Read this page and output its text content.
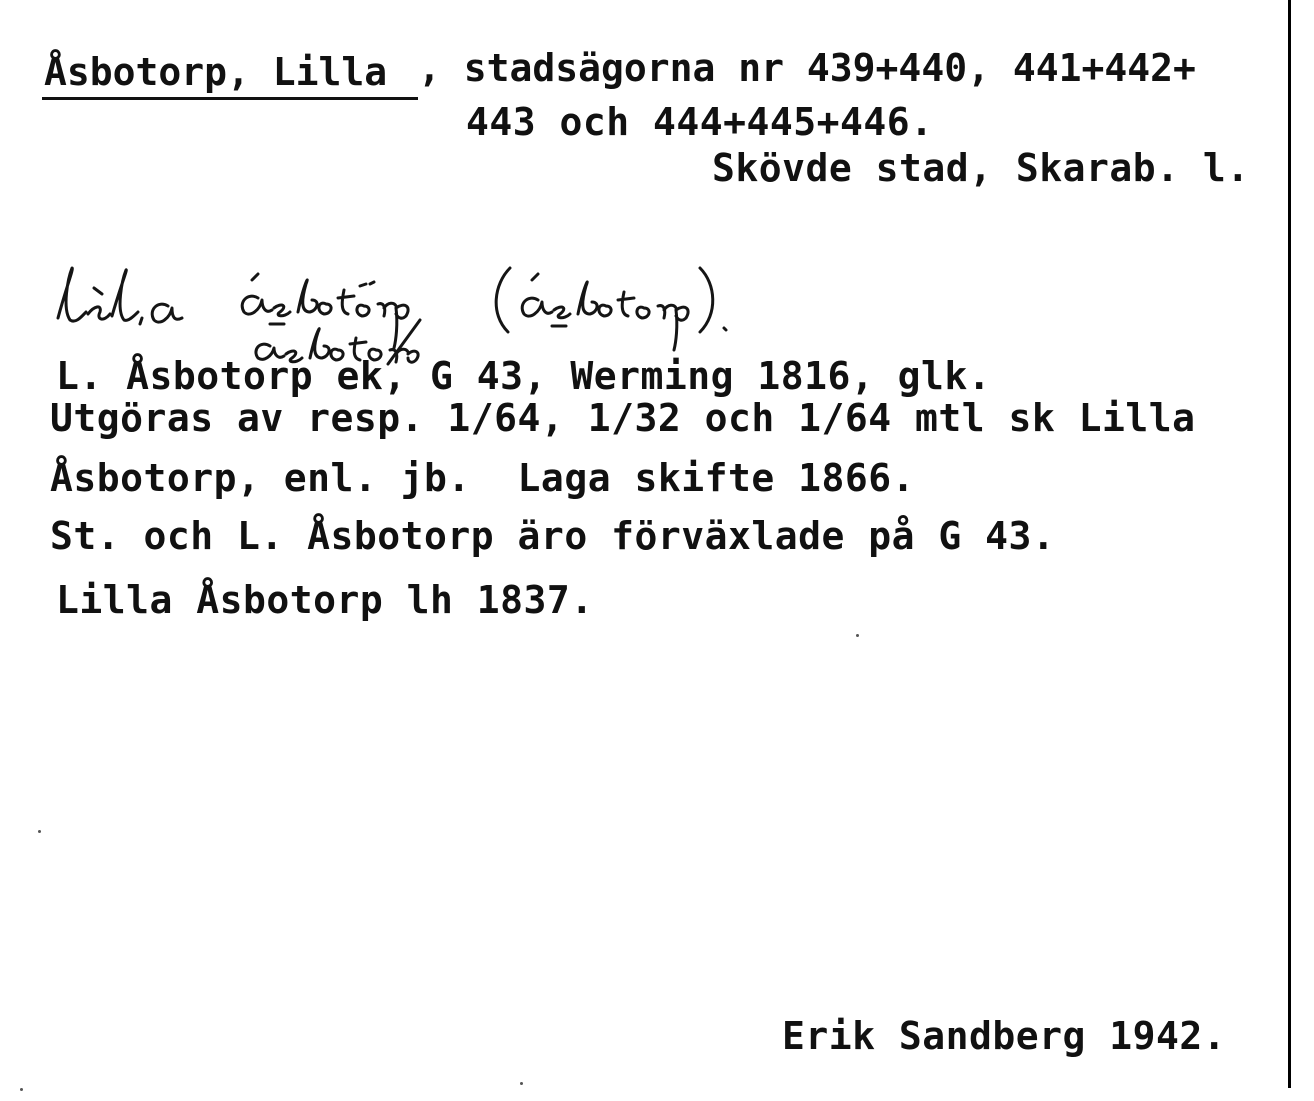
Åsbotorp, Lilla , stadsägorna nr 439+440, 441+442+
443 och 444+445+446.
Skövde stad, Skarab. l.
L. Åsbotorp ek, G 43, Werming 1816, glk.
Utgöras av resp. 1/64, 1/32 och 1/64 mtl sk Lilla
Åsbotorp, enl. jb.  Laga skifte 1866.
St. och L. Åsbotorp äro förväxlade på G 43.
Lilla Åsbotorp lh 1837.
Erik Sandberg 1942.
